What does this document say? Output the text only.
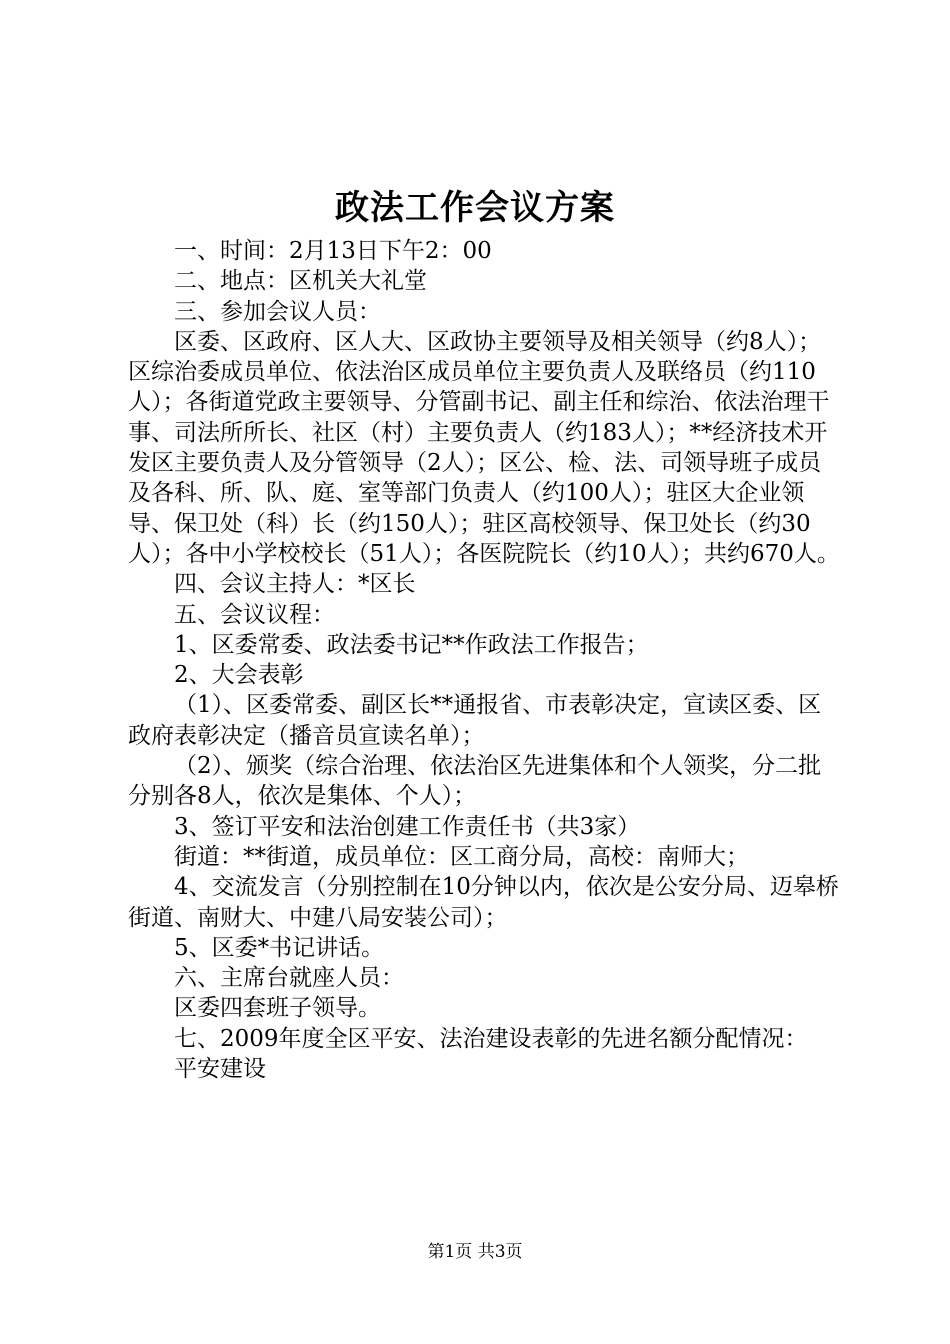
政法工作会议方案

一、时间：2月13日下午2：00

二、地点：区机关大礼堂

三、参加会议人员：

区委、区政府、区人大、区政协主要领导及相关领导（约8人）；区综治委成员单位、依法治区成员单位主要负责人及联络员（约110人）；各街道党政主要领导、分管副书记、副主任和综治、依法治理干事、司法所所长、社区（村）主要负责人（约183人）；**经济技术开发区主要负责人及分管领导（2人）；区公、检、法、司领导班子成员及各科、所、队、庭、室等部门负责人（约100人）；驻区大企业领导、保卫处（科）长（约150人）；驻区高校领导、保卫处长（约30人）；各中小学校校长（51人）；各医院院长（约10人）；共约670人。

四、会议主持人：*区长

五、会议议程：

1、区委常委、政法委书记**作政法工作报告；

2、大会表彰

（1）、区委常委、副区长**通报省、市表彰决定，宣读区委、区政府表彰决定（播音员宣读名单）；

（2）、颁奖（综合治理、依法治区先进集体和个人领奖，分二批分别各8人，依次是集体、个人）；

3、签订平安和法治创建工作责任书（共3家）

街道：**街道，成员单位：区工商分局，高校：南师大；

4、交流发言（分别控制在10分钟以内，依次是公安分局、迈皋桥街道、南财大、中建八局安装公司）；

5、区委*书记讲话。

六、主席台就座人员：

区委四套班子领导。

七、2009年度全区平安、法治建设表彰的先进名额分配情况：

平安建设

第1页 共3页
